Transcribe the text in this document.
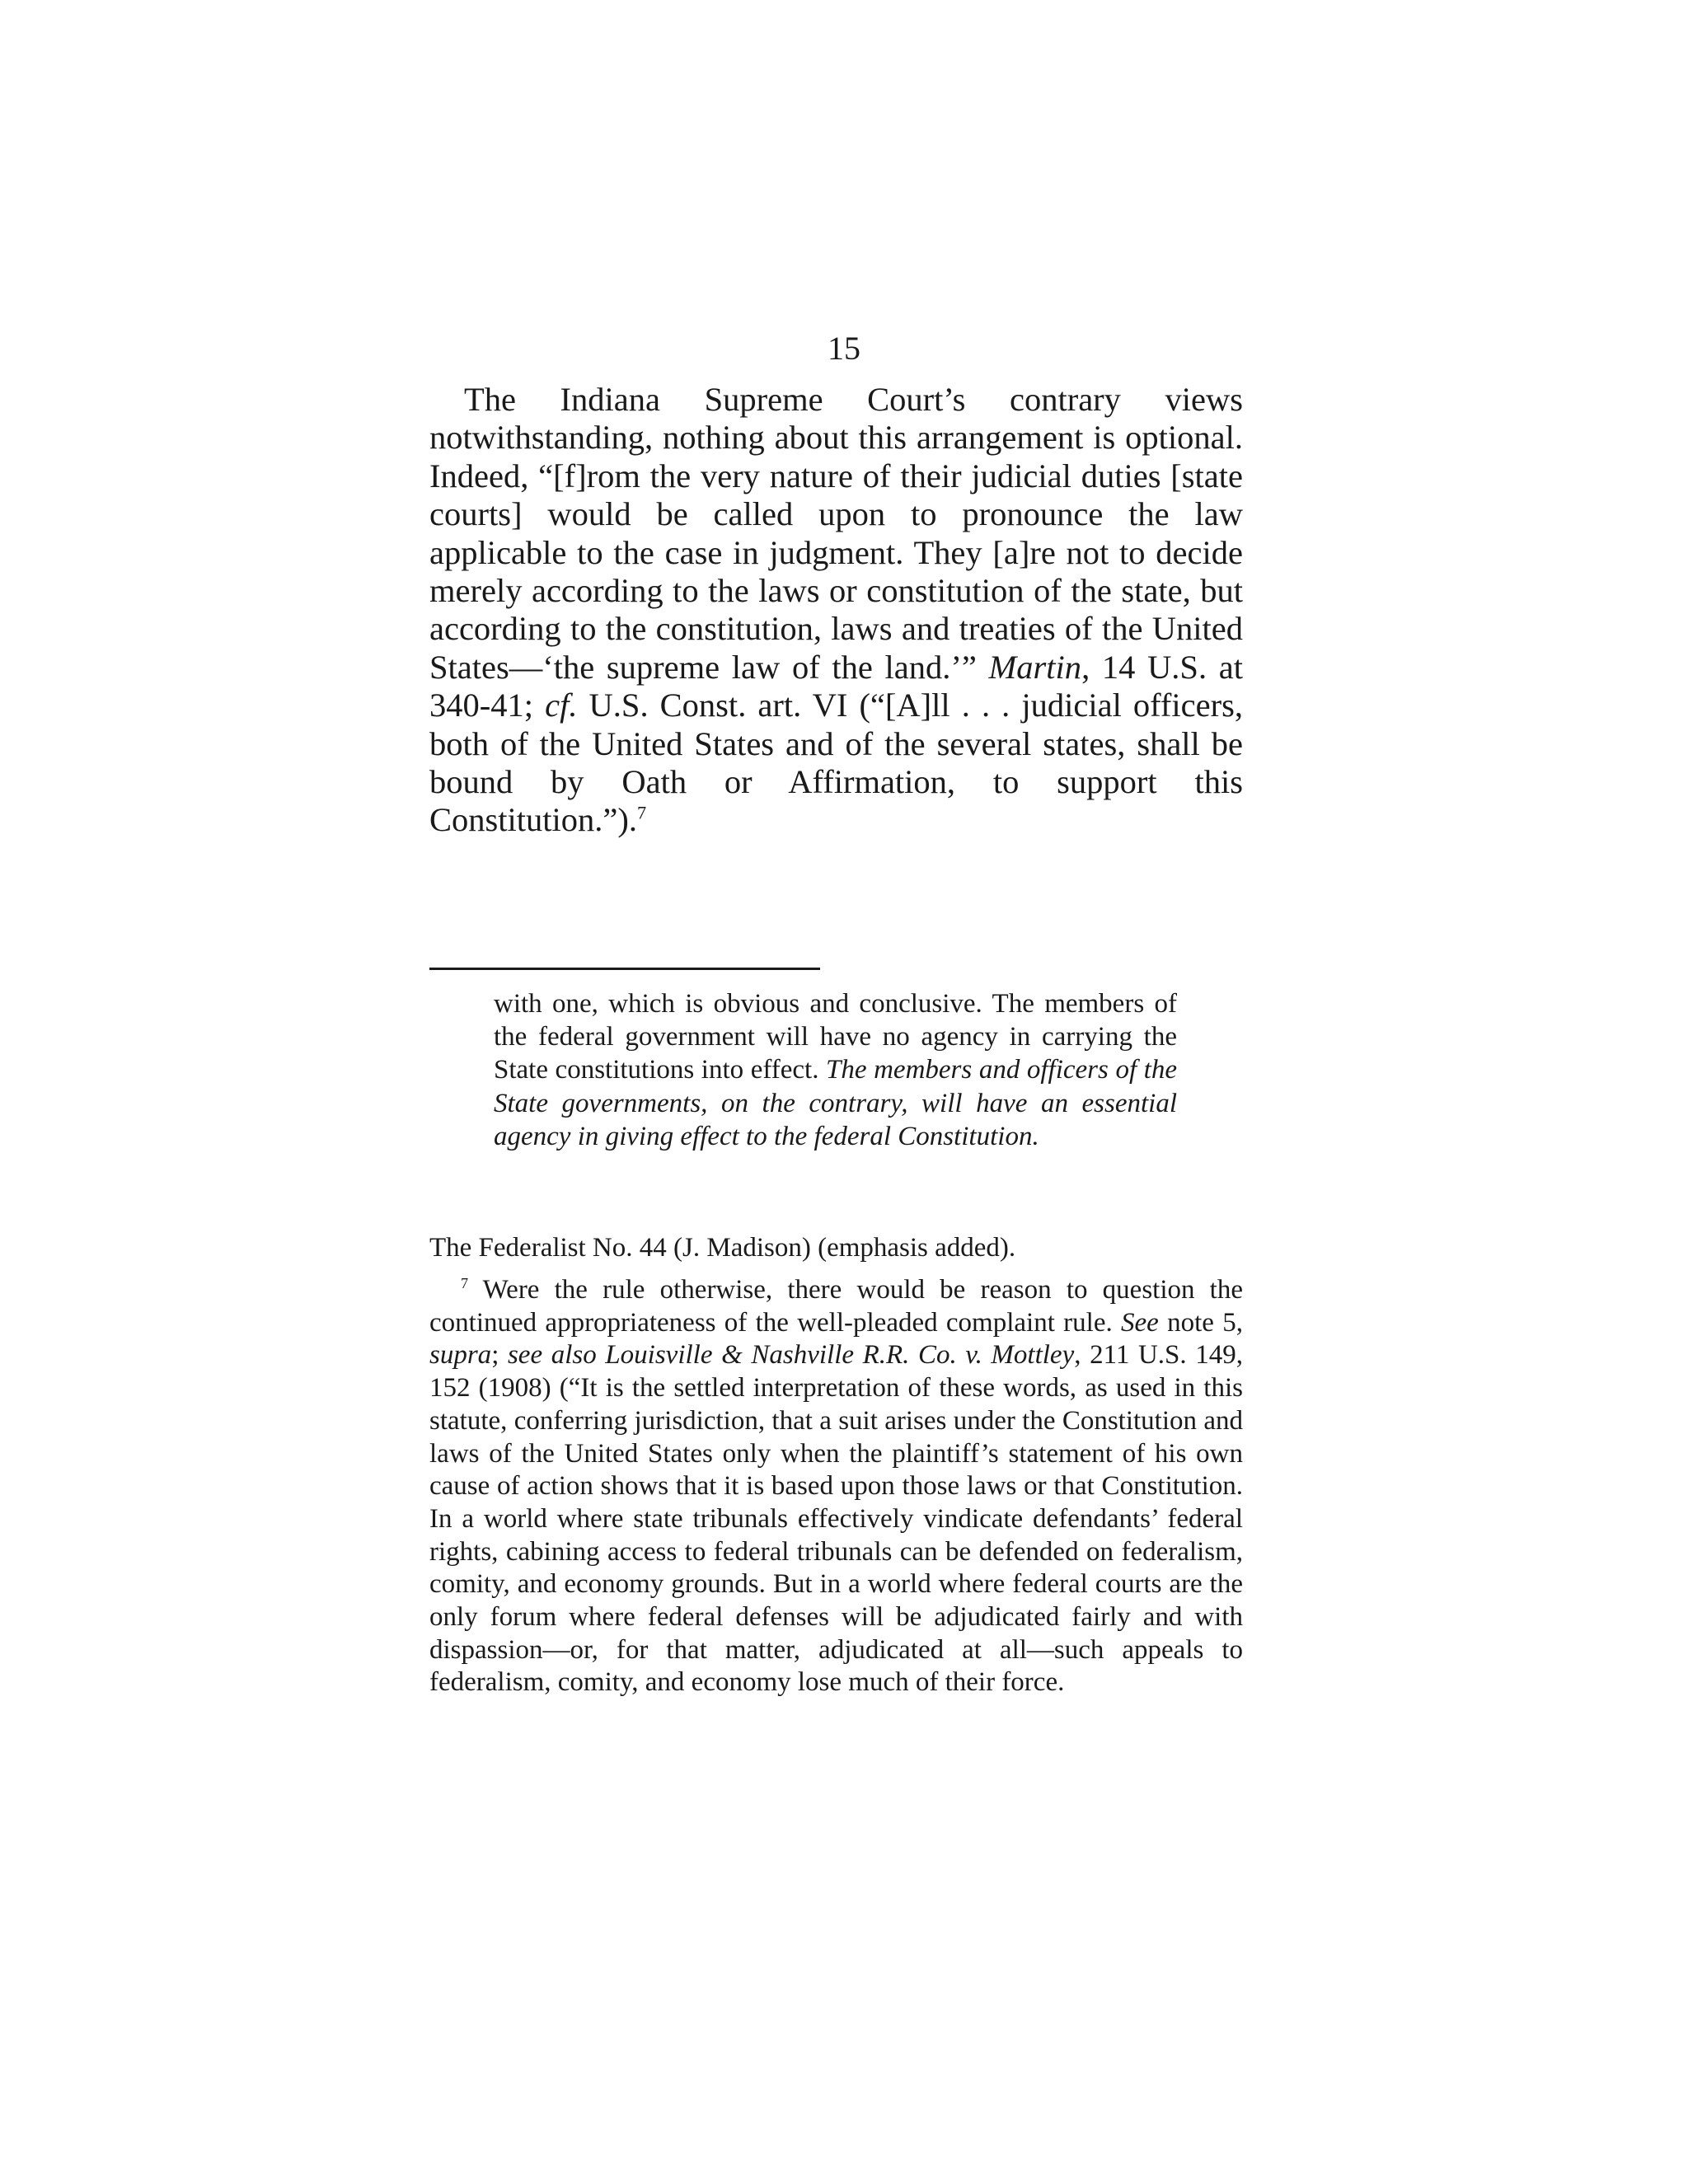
15

The Indiana Supreme Court’s contrary views notwithstanding, nothing about this arrangement is optional. Indeed, “[f]rom the very nature of their judicial duties [state courts] would be called upon to pronounce the law applicable to the case in judgment. They [a]re not to decide merely according to the laws or constitution of the state, but according to the constitution, laws and treaties of the United States—‘the supreme law of the land.’” Martin, 14 U.S. at 340-41; cf. U.S. Const. art. VI (“[A]ll . . . judicial officers, both of the United States and of the several states, shall be bound by Oath or Affirmation, to support this Constitution.”).$^7$

with one, which is obvious and conclusive. The members of the federal government will have no agency in carrying the State constitutions into effect. The members and officers of the State governments, on the contrary, will have an essential agency in giving effect to the federal Constitution.

The Federalist No. 44 (J. Madison) (emphasis added).

$^7$ Were the rule otherwise, there would be reason to question the continued appropriateness of the well-pleaded complaint rule. See note 5, supra; see also Louisville & Nashville R.R. Co. v. Mottley, 211 U.S. 149, 152 (1908) (“It is the settled interpretation of these words, as used in this statute, conferring jurisdiction, that a suit arises under the Constitution and laws of the United States only when the plaintiff’s statement of his own cause of action shows that it is based upon those laws or that Constitution. In a world where state tribunals effectively vindicate defendants’ federal rights, cabining access to federal tribunals can be defended on federalism, comity, and economy grounds. But in a world where federal courts are the only forum where federal defenses will be adjudicated fairly and with dispassion—or, for that matter, adjudicated at all—such appeals to federalism, comity, and economy lose much of their force.
